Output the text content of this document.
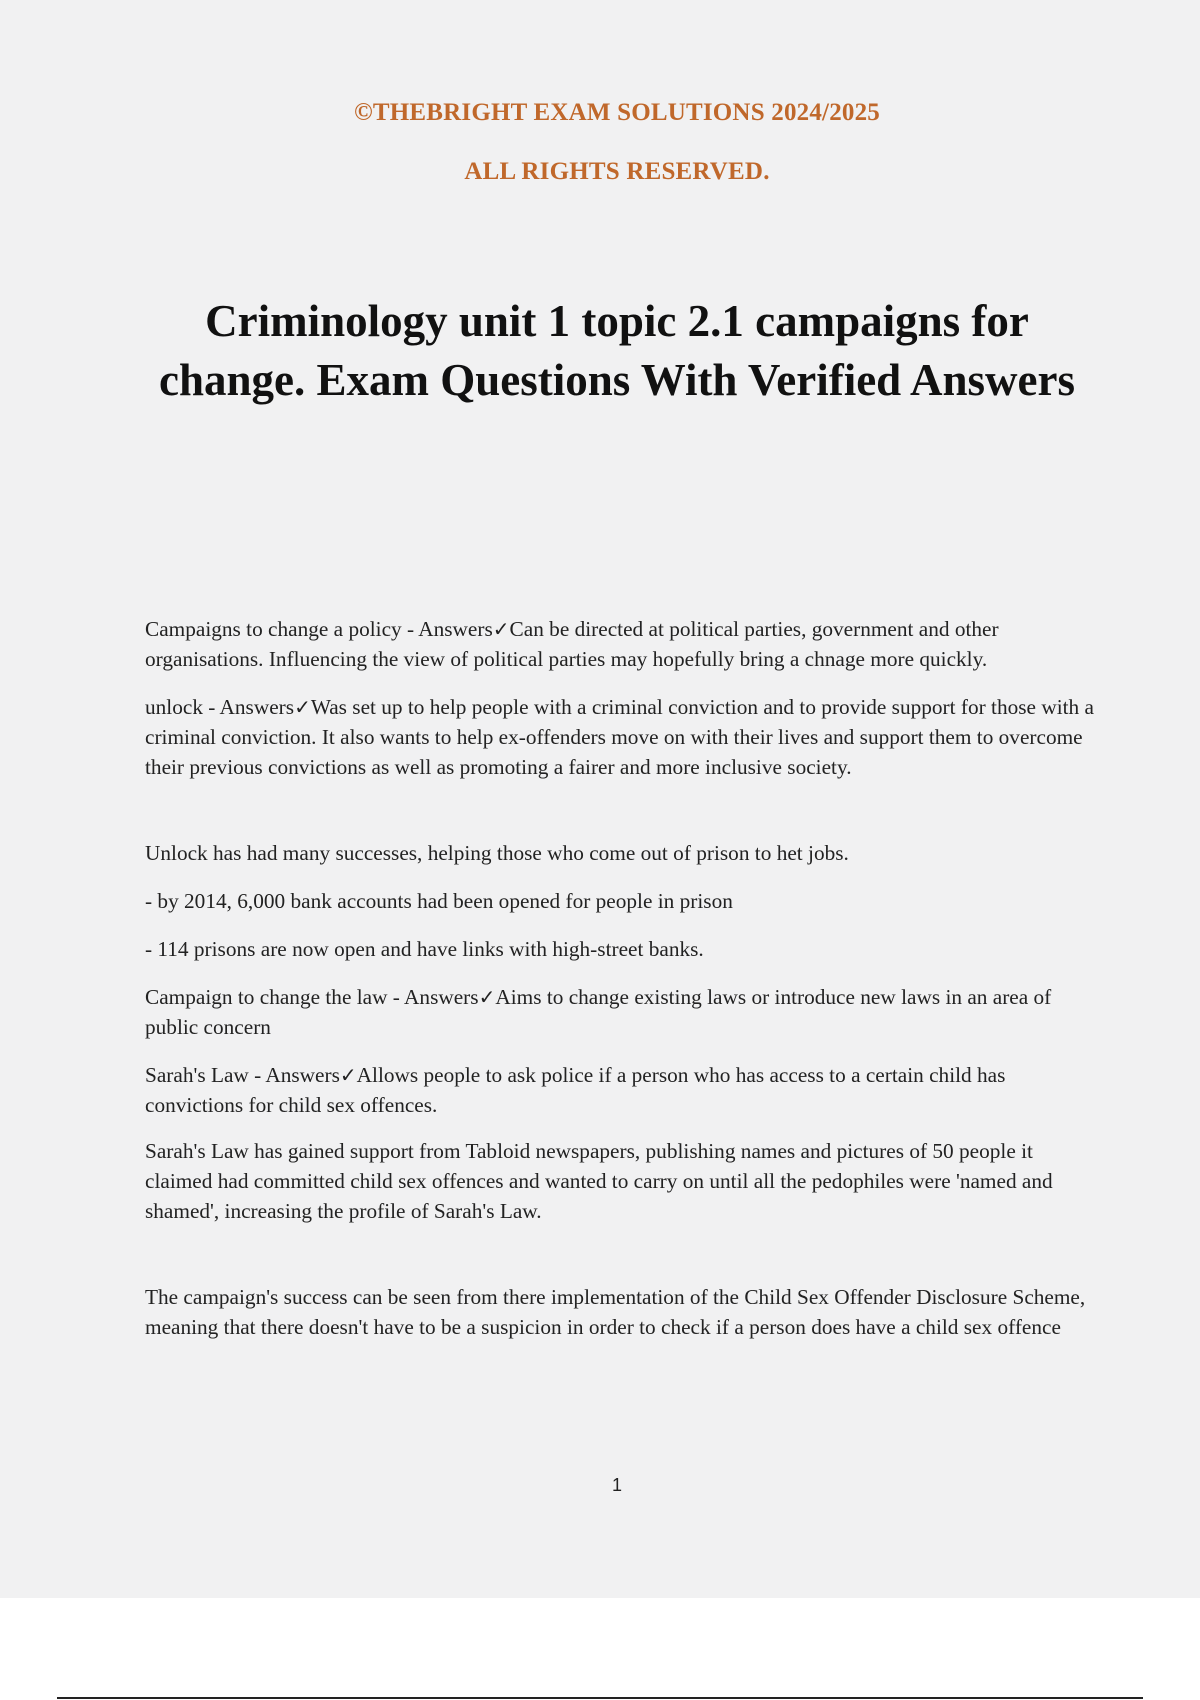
©THEBRIGHT EXAM SOLUTIONS 2024/2025
ALL RIGHTS RESERVED.
Criminology unit 1 topic 2.1 campaigns for change. Exam Questions With Verified Answers

Campaigns to change a policy - Answers✓Can be directed at political parties, government and other organisations. Influencing the view of political parties may hopefully bring a chnage more quickly.

unlock - Answers✓Was set up to help people with a criminal conviction and to provide support for those with a criminal conviction. It also wants to help ex-offenders move on with their lives and support them to overcome their previous convictions as well as promoting a fairer and more inclusive society.

Unlock has had many successes, helping those who come out of prison to het jobs.

- by 2014, 6,000 bank accounts had been opened for people in prison

- 114 prisons are now open and have links with high-street banks.

Campaign to change the law - Answers✓Aims to change existing laws or introduce new laws in an area of public concern

Sarah's Law - Answers✓Allows people to ask police if a person who has access to a certain child has convictions for child sex offences.

Sarah's Law has gained support from Tabloid newspapers, publishing names and pictures of 50 people it claimed had committed child sex offences and wanted to carry on until all the pedophiles were 'named and shamed', increasing the profile of Sarah's Law.

The campaign's success can be seen from there implementation of the Child Sex Offender Disclosure Scheme, meaning that there doesn't have to be a suspicion in order to check if a person does have a child sex offence

1
